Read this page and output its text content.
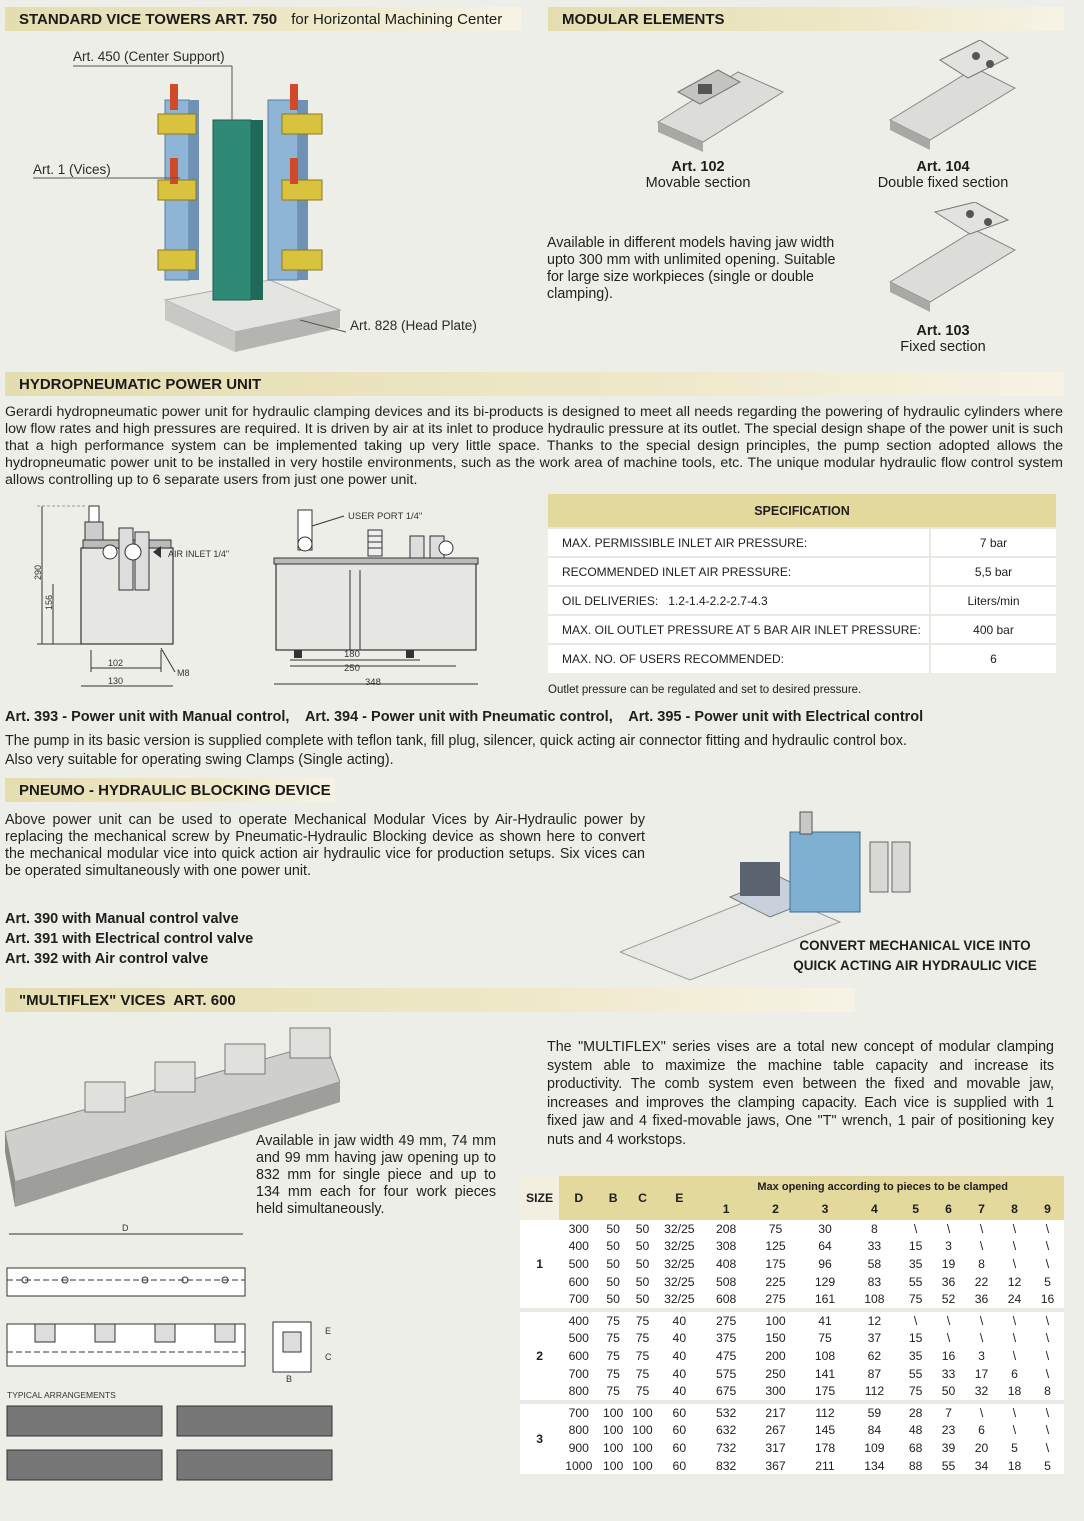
STANDARD VICE TOWERS ART. 750 for Horizontal Machining Center
Art. 450 (Center Support)
Art. 1 (Vices)
Art. 828 (Head Plate)
MODULAR ELEMENTS
Art. 102
Movable section
Art. 104
Double fixed section
Art. 103
Fixed section
Available in different models having jaw width upto 300 mm with unlimited opening. Suitable for large size workpieces (single or double clamping).
HYDROPNEUMATIC POWER UNIT
Gerardi hydropneumatic power unit for hydraulic clamping devices and its bi-products is designed to meet all needs regarding the powering of hydraulic cylinders where low flow rates and high pressures are required. It is driven by air at its inlet to produce hydraulic pressure at its outlet. The special design shape of the power unit is such that a high performance system can be implemented taking up very little space. Thanks to the special design principles, the pump section adopted allows the hydropneumatic power unit to be installed in very hostile environments, such as the work area of machine tools, etc. The unique modular hydraulic flow control system allows controlling up to 6 separate users from just one power unit.
290
156
102
130
M8
AIR INLET 1/4"
180
250
348
USER PORT 1/4"	SPECIFICATION	
MAX. PERMISSIBLE INLET AIR PRESSURE:	7 bar
RECOMMENDED INLET AIR PRESSURE:	5,5 bar
OIL DELIVERIES:   1.2-1.4-2.2-2.7-4.3	Liters/min
MAX. OIL OUTLET PRESSURE AT 5 BAR AIR INLET PRESSURE:	400 bar
MAX. NO. OF USERS RECOMMENDED:	6
Outlet pressure can be regulated and set to desired pressure.
Art. 393 - Power unit with Manual control,    Art. 394 - Power unit with Pneumatic control,    Art. 395 - Power unit with Electrical control
The pump in its basic version is supplied complete with teflon tank, fill plug, silencer, quick acting air connector fitting and hydraulic control box.
Also very suitable for operating swing Clamps (Single acting).
PNEUMO - HYDRAULIC BLOCKING DEVICE
Above power unit can be used to operate Mechanical Modular Vices by Air-Hydraulic power by replacing the mechanical screw by Pneumatic-Hydraulic Blocking device as shown here to convert the mechanical modular vice into quick action air hydraulic vice for production setups. Six vices can be operated simultaneously with one power unit.
Art. 390 with Manual control valve
Art. 391 with Electrical control valve
Art. 392 with Air control valve
CONVERT MECHANICAL VICE INTO
QUICK ACTING AIR HYDRAULIC VICE
"MULTIFLEX" VICES  ART. 600
Available in jaw width 49 mm, 74 mm and 99 mm having jaw opening up to 832 mm for single piece and up to 134 mm each for four work pieces held simultaneously.
The "MULTIFLEX" series vises are a total new concept of modular clamping system able to maximize the machine table capacity and increase its productivity. The comb system even between the fixed and movable jaw, increases and improves the clamping capacity. Each vice is supplied with 1 fixed jaw and 4 fixed-movable jaws, One "T" wrench, 1 pair of positioning key nuts and 4 workstops.
D
E
C
B
TYPICAL ARRANGEMENTS
SIZE	D	B	C	E	Max opening according to pieces to be clamped								
					1	2	3	4	5	6	7	8	9
1	300	50	50	32/25	208	75	30	8	\	\	\	\	\
	400	50	50	32/25	308	125	64	33	15	3	\	\	\
	500	50	50	32/25	408	175	96	58	35	19	8	\	\
	600	50	50	32/25	508	225	129	83	55	36	22	12	5
	700	50	50	32/25	608	275	161	108	75	52	36	24	16

2	400	75	75	40	275	100	41	12	\	\	\	\	\
	500	75	75	40	375	150	75	37	15	\	\	\	\
	600	75	75	40	475	200	108	62	35	16	3	\	\
	700	75	75	40	575	250	141	87	55	33	17	6	\
	800	75	75	40	675	300	175	112	75	50	32	18	8

3	700	100	100	60	532	217	112	59	28	7	\	\	\
	800	100	100	60	632	267	145	84	48	23	6	\	\
	900	100	100	60	732	317	178	109	68	39	20	5	\
	1000	100	100	60	832	367	211	134	88	55	34	18	5
